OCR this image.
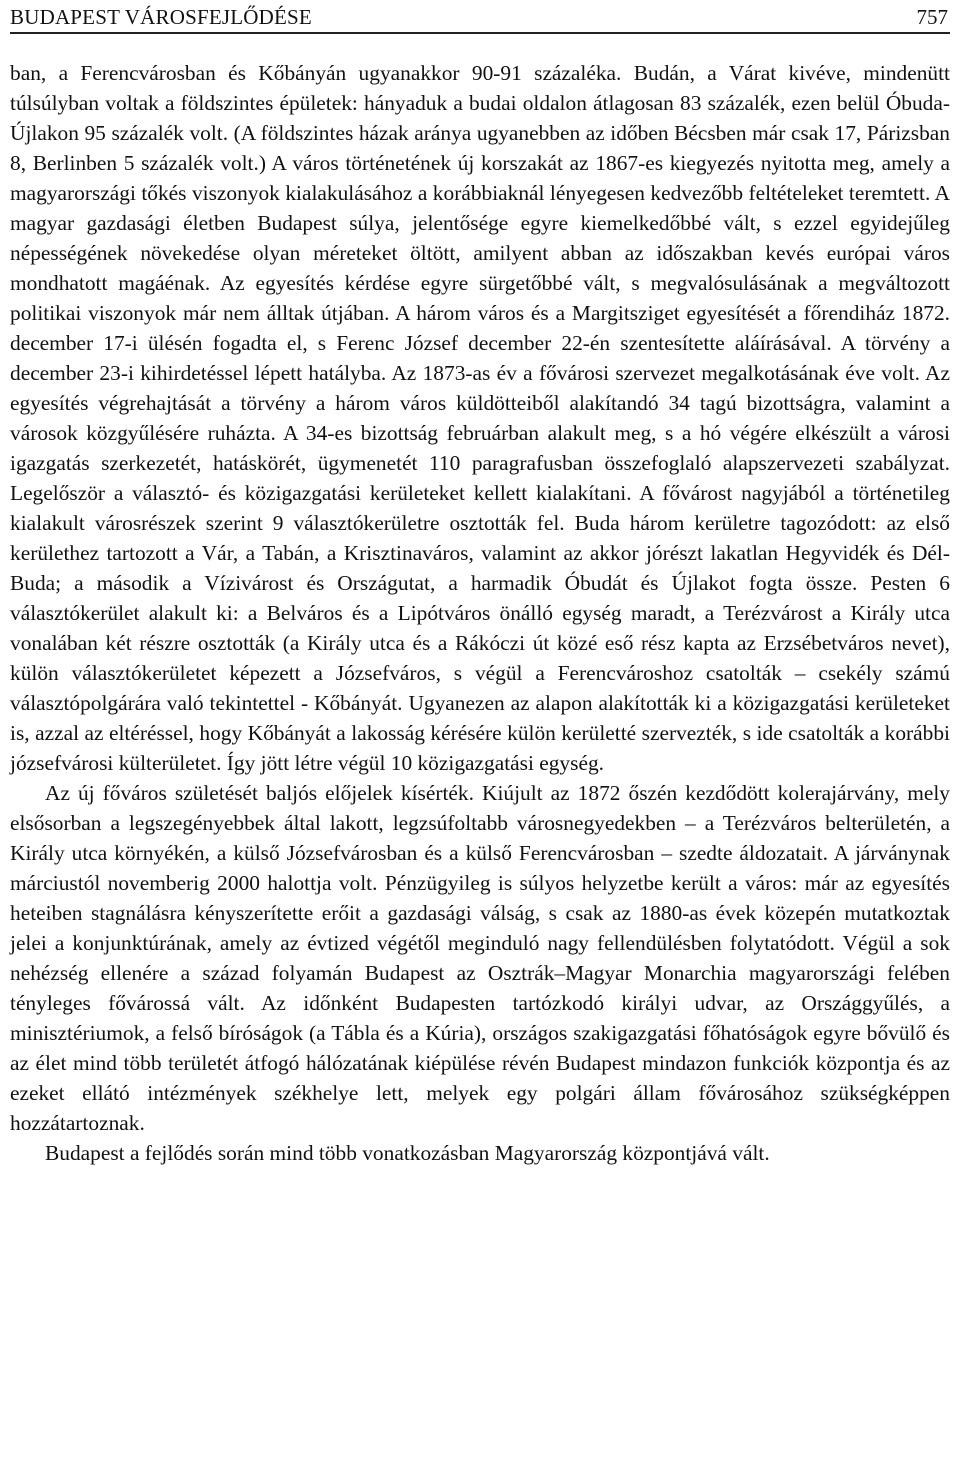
BUDAPEST VÁROSFEJLŐDÉSE	757

ban, a Ferencvárosban és Kőbányán ugyanakkor 90-91 százaléka. Budán, a Várat kivéve, mindenütt túlsúlyban voltak a földszintes épületek: hányaduk a budai oldalon átlagosan 83 százalék, ezen belül Óbuda-Újlakon 95 százalék volt. (A földszintes házak aránya ugyanebben az időben Bécsben már csak 17, Párizsban 8, Berlinben 5 százalék volt.) A város történetének új korszakát az 1867-es kiegyezés nyitotta meg, amely a magyarországi tőkés viszonyok kialakulásához a korábbiaknál lényegesen kedvezőbb feltételeket teremtett. A magyar gazdasági életben Budapest súlya, jelentősége egyre kiemelkedőbbé vált, s ezzel egyidejűleg népességének növekedése olyan méreteket öltött, amilyent abban az időszakban kevés európai város mondhatott magáénak. Az egyesítés kérdése egyre sürgetőbbé vált, s megvalósulásának a megváltozott politikai viszonyok már nem álltak útjában. A három város és a Margitsziget egyesítését a főrendiház 1872. december 17-i ülésén fogadta el, s Ferenc József december 22-én szentesítette aláírásával. A törvény a december 23-i kihirdetéssel lépett hatályba. Az 1873-as év a fővárosi szervezet megalkotásának éve volt. Az egyesítés végrehajtását a törvény a három város küldötteiből alakítandó 34 tagú bizottságra, valamint a városok közgyűlésére ruházta. A 34-es bizottság februárban alakult meg, s a hó végére elkészült a városi igazgatás szerkezetét, hatáskörét, ügymenetét 110 paragrafusban összefoglaló alapszervezeti szabályzat. Legelőször a választó- és közigazgatási kerületeket kellett kialakítani. A fővárost nagyjából a történetileg kialakult városrészek szerint 9 választókerületre osztották fel. Buda három kerületre tagozódott: az első kerülethez tartozott a Vár, a Tabán, a Krisztinaváros, valamint az akkor jórészt lakatlan Hegyvidék és Dél-Buda; a második a Vízivárost és Országutat, a harmadik Óbudát és Újlakot fogta össze. Pesten 6 választókerület alakult ki: a Belváros és a Lipótváros önálló egység maradt, a Terézvárost a Király utca vonalában két részre osztották (a Király utca és a Rákóczi út közé eső rész kapta az Erzsébetváros nevet), külön választókerületet képezett a Józsefváros, s végül a Ferencvároshoz csatolták – csekély számú választópolgárára való tekintettel - Kőbányát. Ugyanezen az alapon alakították ki a közigazgatási kerületeket is, azzal az eltéréssel, hogy Kőbányát a lakosság kérésére külön kerületté szervezték, s ide csatolták a korábbi józsefvárosi külterületet. Így jött létre végül 10 közigazgatási egység.

Az új főváros születését baljós előjelek kísérték. Kiújult az 1872 őszén kezdődött kolerajárvány, mely elsősorban a legszegényebbek által lakott, legzsúfoltabb városnegyedekben – a Terézváros belterületén, a Király utca környékén, a külső Józsefvárosban és a külső Ferencvárosban – szedte áldozatait. A járványnak márciustól novemberig 2000 halottja volt. Pénzügyileg is súlyos helyzetbe került a város: már az egyesítés heteiben stagnálásra kényszerítette erőit a gazdasági válság, s csak az 1880-as évek közepén mutatkoztak jelei a konjunktúrának, amely az évtized végétől meginduló nagy fellendülésben folytatódott. Végül a sok nehézség ellenére a század folyamán Budapest az Osztrák–Magyar Monarchia magyarországi felében tényleges fővárossá vált. Az időnként Budapesten tartózkodó királyi udvar, az Országgyűlés, a minisztériumok, a felső bíróságok (a Tábla és a Kúria), országos szakigazgatási főhatóságok egyre bővülő és az élet mind több területét átfogó hálózatának kiépülése révén Budapest mindazon funkciók központja és az ezeket ellátó intézmények székhelye lett, melyek egy polgári állam fővárosához szükségképpen hozzátartoznak.

Budapest a fejlődés során mind több vonatkozásban Magyarország központjává vált.
